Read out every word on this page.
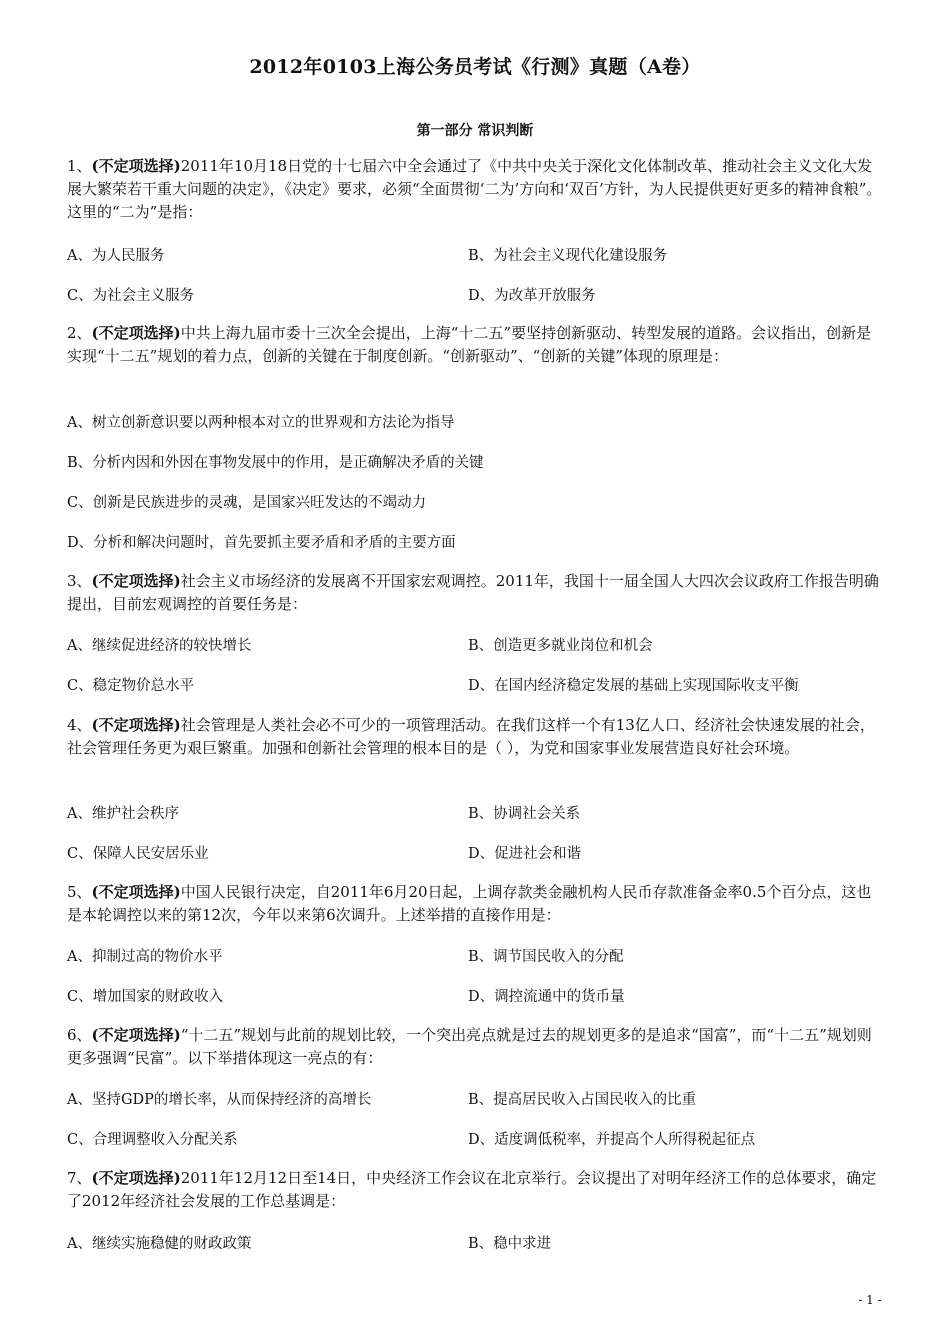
2012年0103上海公务员考试《行测》真题（A卷）
第一部分 常识判断
1、(不定项选择)2011年10月18日党的十七届六中全会通过了《中共中央关于深化文化体制改革、推动社会主义文化大发展大繁荣若干重大问题的决定》，《决定》要求，必须“全面贯彻‘二为’方向和‘双百’方针，为人民提供更好更多的精神食粮”。这里的“二为”是指：
A、为人民服务	B、为社会主义现代化建设服务
C、为社会主义服务	D、为改革开放服务
2、(不定项选择)中共上海九届市委十三次全会提出，上海“十二五”要坚持创新驱动、转型发展的道路。会议指出，创新是实现“十二五”规划的着力点，创新的关键在于制度创新。“创新驱动”、“创新的关键”体现的原理是：
A、树立创新意识要以两种根本对立的世界观和方法论为指导
B、分析内因和外因在事物发展中的作用，是正确解决矛盾的关键
C、创新是民族进步的灵魂，是国家兴旺发达的不竭动力
D、分析和解决问题时，首先要抓主要矛盾和矛盾的主要方面
3、(不定项选择)社会主义市场经济的发展离不开国家宏观调控。2011年，我国十一届全国人大四次会议政府工作报告明确提出，目前宏观调控的首要任务是：
A、继续促进经济的较快增长	B、创造更多就业岗位和机会
C、稳定物价总水平	D、在国内经济稳定发展的基础上实现国际收支平衡
4、(不定项选择)社会管理是人类社会必不可少的一项管理活动。在我们这样一个有13亿人口、经济社会快速发展的社会，社会管理任务更为艰巨繁重。加强和创新社会管理的根本目的是（ ），为党和国家事业发展营造良好社会环境。
A、维护社会秩序	B、协调社会关系
C、保障人民安居乐业	D、促进社会和谐
5、(不定项选择)中国人民银行决定，自2011年6月20日起，上调存款类金融机构人民币存款准备金率0.5个百分点，这也是本轮调控以来的第12次，今年以来第6次调升。上述举措的直接作用是：
A、抑制过高的物价水平	B、调节国民收入的分配
C、增加国家的财政收入	D、调控流通中的货币量
6、(不定项选择)“十二五”规划与此前的规划比较，一个突出亮点就是过去的规划更多的是追求“国富”，而“十二五”规划则更多强调“民富”。以下举措体现这一亮点的有：
A、坚持GDP的增长率，从而保持经济的高增长	B、提高居民收入占国民收入的比重
C、合理调整收入分配关系	D、适度调低税率，并提高个人所得税起征点
7、(不定项选择)2011年12月12日至14日，中央经济工作会议在北京举行。会议提出了对明年经济工作的总体要求，确定了2012年经济社会发展的工作总基调是：
A、继续实施稳健的财政政策	B、稳中求进
- 1 -
